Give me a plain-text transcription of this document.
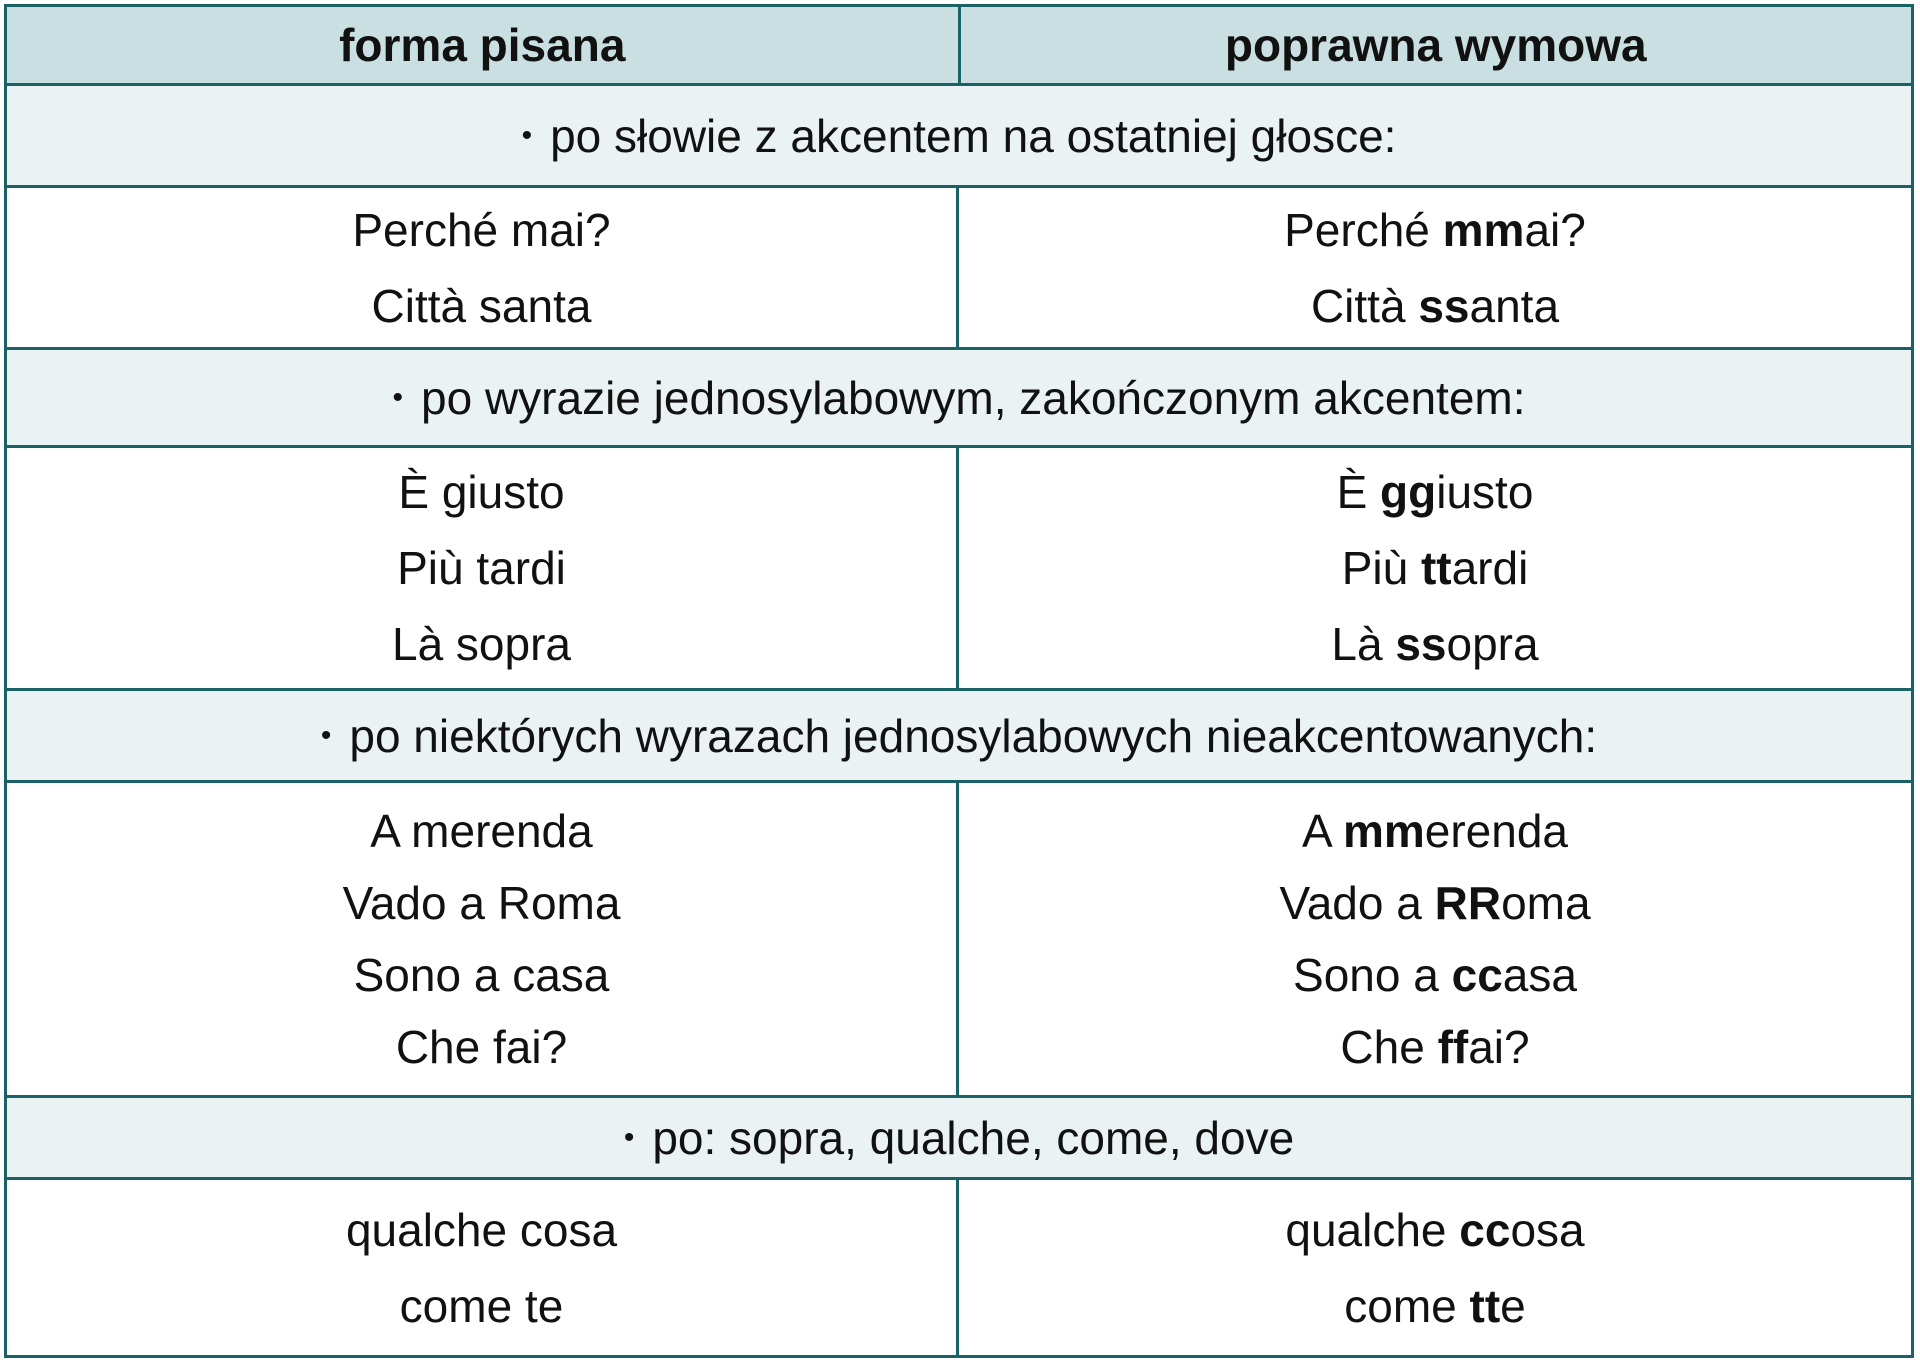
forma pisana	poprawna wymowa
• po słowie z akcentem na ostatniej głosce:
Perché mai?
Città santa
Perché mmai?
Città ssanta
• po wyrazie jednosylabowym, zakończonym akcentem:
È giusto
Più tardi
Là sopra
È ggiusto
Più ttardi
Là ssopra
• po niektórych wyrazach jednosylabowych nieakcentowanych:
A merenda
Vado a Roma
Sono a casa
Che fai?
A mmerenda
Vado a RRoma
Sono a ccasa
Che ffai?
• po: sopra, qualche, come, dove
qualche cosa
come te
qualche ccosa
come tte
